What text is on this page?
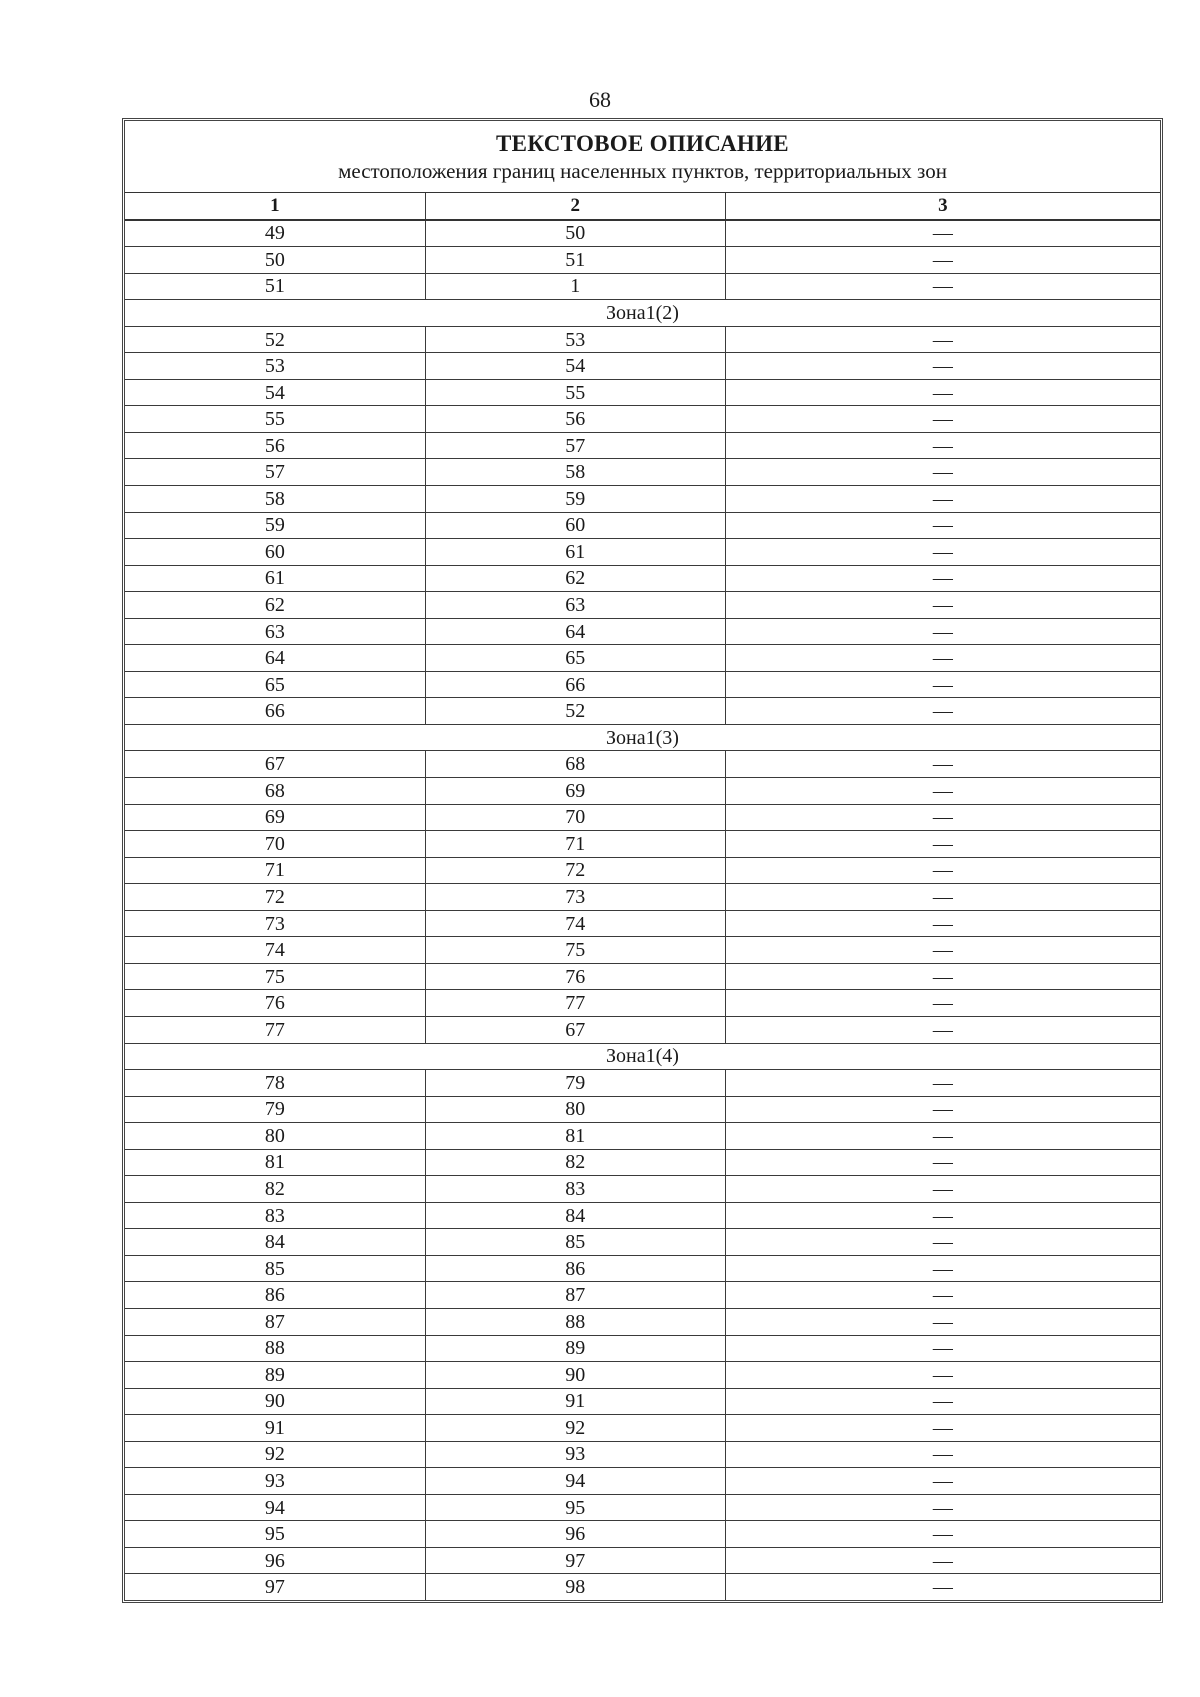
68
ТЕКСТОВОЕ ОПИСАНИЕ
местоположения границ населенных пунктов, территориальных зон
1	2	3
49	50	—
50	51	—
51	1	—
Зона1(2)		
52	53	—
53	54	—
54	55	—
55	56	—
56	57	—
57	58	—
58	59	—
59	60	—
60	61	—
61	62	—
62	63	—
63	64	—
64	65	—
65	66	—
66	52	—
Зона1(3)		
67	68	—
68	69	—
69	70	—
70	71	—
71	72	—
72	73	—
73	74	—
74	75	—
75	76	—
76	77	—
77	67	—
Зона1(4)		
78	79	—
79	80	—
80	81	—
81	82	—
82	83	—
83	84	—
84	85	—
85	86	—
86	87	—
87	88	—
88	89	—
89	90	—
90	91	—
91	92	—
92	93	—
93	94	—
94	95	—
95	96	—
96	97	—
97	98	—
